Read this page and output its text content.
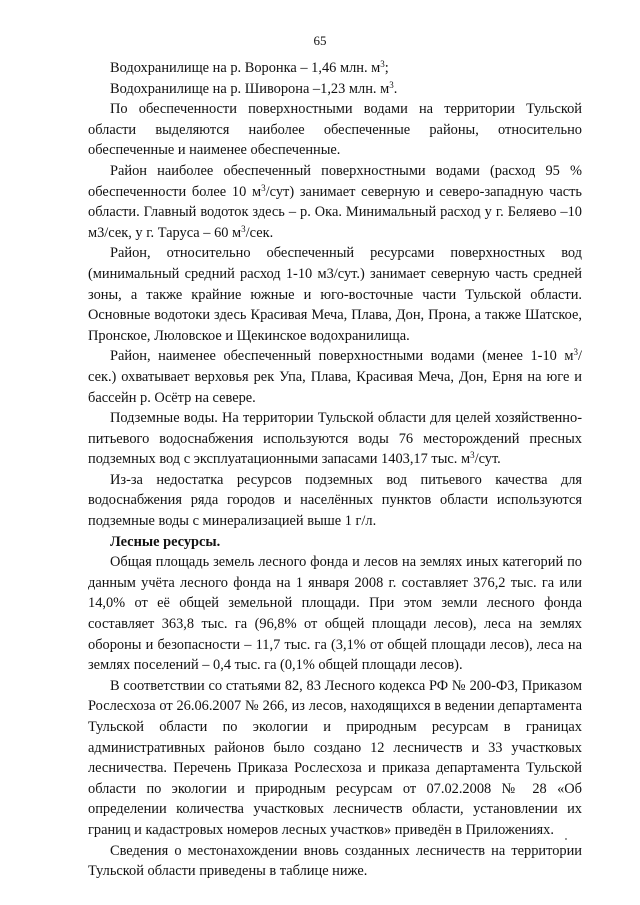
65

Водохранилище на р. Воронка – 1,46 млн. $м^3$;

Водохранилище на р. Шиворона –1,23 млн. $м^3$.

По обеспеченности поверхностными водами на территории Тульской области выделяются наиболее обеспеченные районы, относительно обеспеченные и наименее обеспеченные.

Район наиболее обеспеченный поверхностными водами (расход 95 % обеспеченности более 10 $м^3/сут$) занимает северную и северо-западную часть области. Главный водоток здесь – р. Ока. Минимальный расход у г. Беляево –10 м3/сек, у г. Таруса – 60 $м^3$/сек.

Район, относительно обеспеченный ресурсами поверхностных вод (минимальный средний расход 1-10 м3/сут.) занимает северную часть средней зоны, а также крайние южные и юго-восточные части Тульской области. Основные водотоки здесь Красивая Меча, Плава, Дон, Прона, а также Шатское, Пронское, Люловское и Щекинское водохранилища.

Район, наименее обеспеченный поверхностными водами (менее 1-10 $м^3/сек$.) охватывает верховья рек Упа, Плава, Красивая Меча, Дон, Ерня на юге и бассейн р. Осётр на севере.

Подземные воды. На территории Тульской области для целей хозяйственно-питьевого водоснабжения используются воды 76 месторождений пресных подземных вод с эксплуатационными запасами 1403,17 тыс. $м^3$/сут.

Из-за недостатка ресурсов подземных вод питьевого качества для водоснабжения ряда городов и населённых пунктов области используются подземные воды с минерализацией выше 1 г/л.

Лесные ресурсы.

Общая площадь земель лесного фонда и лесов на землях иных категорий по данным учёта лесного фонда на 1 января 2008 г. составляет 376,2 тыс. га или 14,0% от её общей земельной площади. При этом земли лесного фонда составляет 363,8 тыс. га (96,8% от общей площади лесов), леса на землях обороны и безопасности – 11,7 тыс. га (3,1% от общей площади лесов), леса на землях поселений – 0,4 тыс. га (0,1% общей площади лесов).

В соответствии со статьями 82, 83 Лесного кодекса РФ № 200-ФЗ, Приказом Рослесхоза от 26.06.2007 № 266, из лесов, находящихся в ведении департамента Тульской области по экологии и природным ресурсам в границах административных районов было создано 12 лесничеств и 33 участковых лесничества. Перечень Приказа Рослесхоза и приказа департамента Тульской области по экологии и природным ресурсам от 07.02.2008 № 28 «Об определении количества участковых лесничеств области, установлении их границ и кадастровых номеров лесных участков» приведён в Приложениях.

Сведения о местонахождении вновь созданных лесничеств на территории Тульской области приведены в таблице ниже.
